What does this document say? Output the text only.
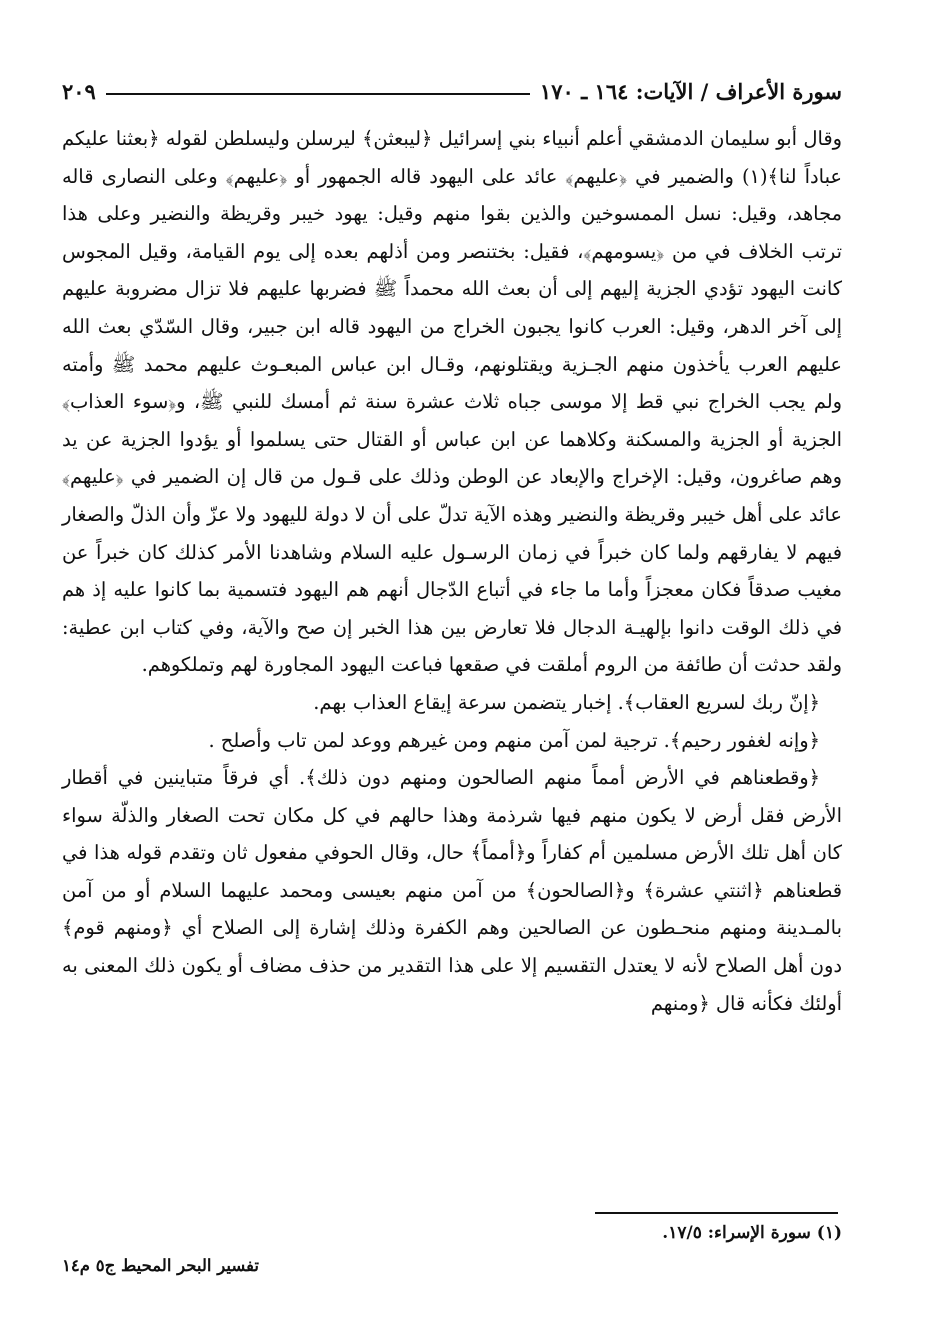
سورة الأعراف / الآيات: ١٦٤ ـ ١٧٠
٢٠٩

وقال أبو سليمان الدمشقي أعلم أنبياء بني إسرائيل ﴿ليبعثن﴾ ليرسلن وليسلطن لقوله ﴿بعثنا عليكم عباداً لنا﴾(١) والضمير في ﴿عليهم﴾ عائد على اليهود قاله الجمهور أو ﴿عليهم﴾ وعلى النصارى قاله مجاهد، وقيل: نسل الممسوخين والذين بقوا منهم وقيل: يهود خيبر وقريظة والنضير وعلى هذا ترتب الخلاف في من ﴿يسومهم﴾، فقيل: بختنصر ومن أذلهم بعده إلى يوم القيامة، وقيل المجوس كانت اليهود تؤدي الجزية إليهم إلى أن بعث الله محمداً ﷺ فضربها عليهم فلا تزال مضروبة عليهم إلى آخر الدهر، وقيل: العرب كانوا يجبون الخراج من اليهود قاله ابن جبير، وقال السّدّي بعث الله عليهم العرب يأخذون منهم الجـزية ويقتلونهم، وقـال ابن عباس المبعـوث عليهم محمد ﷺ وأمته ولم يجب الخراج نبي قط إلا موسى جباه ثلاث عشرة سنة ثم أمسك للنبي ﷺ، و﴿سوء العذاب﴾ الجزية أو الجزية والمسكنة وكلاهما عن ابن عباس أو القتال حتى يسلموا أو يؤدوا الجزية عن يد وهم صاغرون، وقيل: الإخراج والإبعاد عن الوطن وذلك على قـول من قال إن الضمير في ﴿عليهم﴾ عائد على أهل خيبر وقريظة والنضير وهذه الآية تدلّ على أن لا دولة لليهود ولا عزّ وأن الذلّ والصغار فيهم لا يفارقهم ولما كان خبراً في زمان الرسـول عليه السلام وشاهدنا الأمر كذلك كان خبراً عن مغيب صدقاً فكان معجزاً وأما ما جاء في أتباع الدّجال أنهم هم اليهود فتسمية بما كانوا عليه إذ هم في ذلك الوقت دانوا بإلهيـة الدجال فلا تعارض بين هذا الخبر إن صح والآية، وفي كتاب ابن عطية: ولقد حدثت أن طائفة من الروم أملقت في صقعها فباعت اليهود المجاورة لهم وتملكوهم.

﴿إنّ ربك لسريع العقاب﴾. إخبار يتضمن سرعة إيقاع العذاب بهم.

﴿وإنه لغفور رحيم﴾. ترجية لمن آمن منهم ومن غيرهم ووعد لمن تاب وأصلح .

﴿وقطعناهم في الأرض أمماً منهم الصالحون ومنهم دون ذلك﴾. أي فرقاً متباينين في أقطار الأرض فقل أرض لا يكون منهم فيها شرذمة وهذا حالهم في كل مكان تحت الصغار والذلّة سواء كان أهل تلك الأرض مسلمين أم كفاراً و﴿أمماً﴾ حال، وقال الحوفي مفعول ثان وتقدم قوله هذا في قطعناهم ﴿اثنتي عشرة﴾ و﴿الصالحون﴾ من آمن منهم بعيسى ومحمد عليهما السلام أو من آمن بالمـدينة ومنهم منحـطون عن الصالحين وهم الكفرة وذلك إشارة إلى الصلاح أي ﴿ومنهم قوم﴾ دون أهل الصلاح لأنه لا يعتدل التقسيم إلا على هذا التقدير من حذف مضاف أو يكون ذلك المعنى به أولئك فكأنه قال ﴿ومنهم

(١) سورة الإسراء: ١٧/٥.
تفسير البحر المحيط ج٥ م١٤
